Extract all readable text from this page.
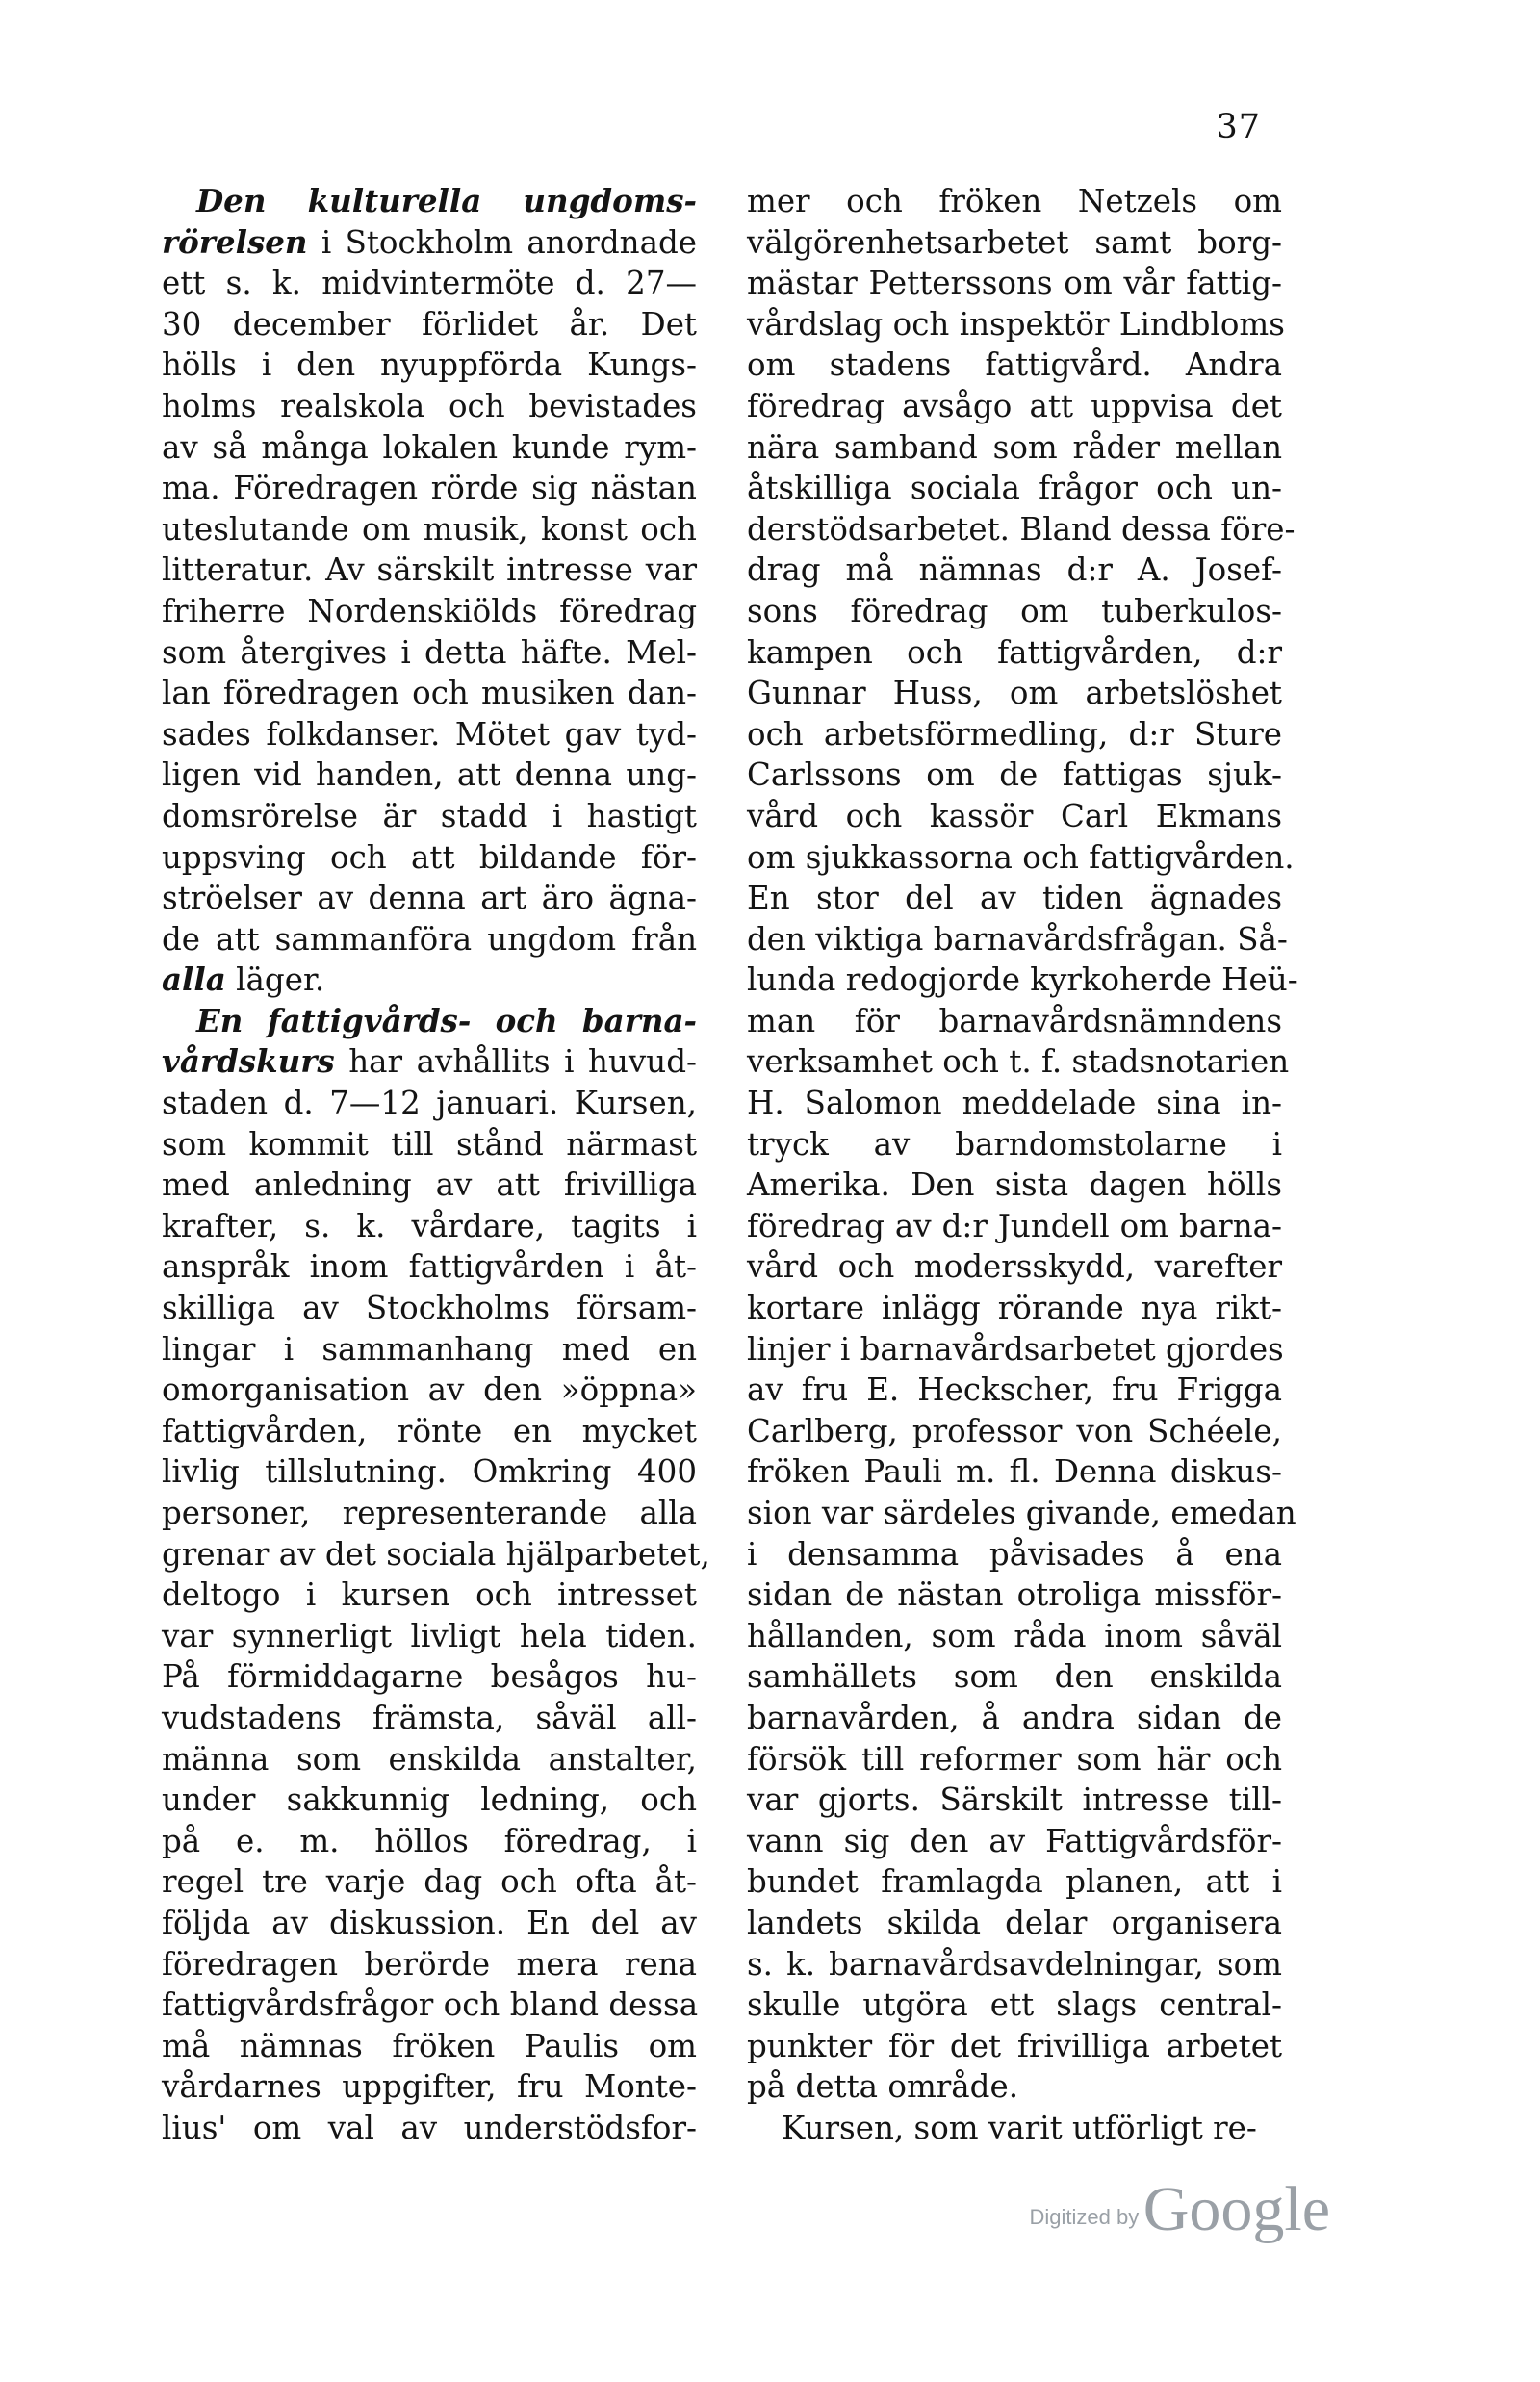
37
Den kulturella ungdoms-
rörelsen i Stockholm anordnade
ett s. k. midvintermöte d. 27—
30 december förlidet år. Det
hölls i den nyuppförda Kungs-
holms realskola och bevistades
av så många lokalen kunde rym-
ma. Föredragen rörde sig nästan
uteslutande om musik, konst och
litteratur. Av särskilt intresse var
friherre Nordenskiölds föredrag
som återgives i detta häfte. Mel-
lan föredragen och musiken dan-
sades folkdanser. Mötet gav tyd-
ligen vid handen, att denna ung-
domsrörelse är stadd i hastigt
uppsving och att bildande för-
ströelser av denna art äro ägna-
de att sammanföra ungdom från
alla läger.
En fattigvårds- och barna-
vårdskurs har avhållits i huvud-
staden d. 7—12 januari. Kursen,
som kommit till stånd närmast
med anledning av att frivilliga
krafter, s. k. vårdare, tagits i
anspråk inom fattigvården i åt-
skilliga av Stockholms försam-
lingar i sammanhang med en
omorganisation av den »öppna»
fattigvården, rönte en mycket
livlig tillslutning. Omkring 400
personer, representerande alla
grenar av det sociala hjälparbetet,
deltogo i kursen och intresset
var synnerligt livligt hela tiden.
På förmiddagarne besågos hu-
vudstadens främsta, såväl all-
männa som enskilda anstalter,
under sakkunnig ledning, och
på e. m. höllos föredrag, i
regel tre varje dag och ofta åt-
följda av diskussion. En del av
föredragen berörde mera rena
fattigvårdsfrågor och bland dessa
må nämnas fröken Paulis om
vårdarnes uppgifter, fru Monte-
lius' om val av understödsfor-
mer och fröken Netzels om
välgörenhetsarbetet samt borg-
mästar Petterssons om vår fattig-
vårdslag och inspektör Lindbloms
om stadens fattigvård. Andra
föredrag avsågo att uppvisa det
nära samband som råder mellan
åtskilliga sociala frågor och un-
derstödsarbetet. Bland dessa före-
drag må nämnas d:r A. Josef-
sons föredrag om tuberkulos-
kampen och fattigvården, d:r
Gunnar Huss, om arbetslöshet
och arbetsförmedling, d:r Sture
Carlssons om de fattigas sjuk-
vård och kassör Carl Ekmans
om sjukkassorna och fattigvården.
En stor del av tiden ägnades
den viktiga barnavårdsfrågan. Så-
lunda redogjorde kyrkoherde Heü-
man för barnavårdsnämndens
verksamhet och t. f. stadsnotarien
H. Salomon meddelade sina in-
tryck av barndomstolarne i
Amerika. Den sista dagen hölls
föredrag av d:r Jundell om barna-
vård och modersskydd, varefter
kortare inlägg rörande nya rikt-
linjer i barnavårdsarbetet gjordes
av fru E. Heckscher, fru Frigga
Carlberg, professor von Schéele,
fröken Pauli m. fl. Denna diskus-
sion var särdeles givande, emedan
i densamma påvisades å ena
sidan de nästan otroliga missför-
hållanden, som råda inom såväl
samhällets som den enskilda
barnavården, å andra sidan de
försök till reformer som här och
var gjorts. Särskilt intresse till-
vann sig den av Fattigvårdsför-
bundet framlagda planen, att i
landets skilda delar organisera
s. k. barnavårdsavdelningar, som
skulle utgöra ett slags central-
punkter för det frivilliga arbetet
på detta område.
Kursen, som varit utförligt re-
Digitized by Google
